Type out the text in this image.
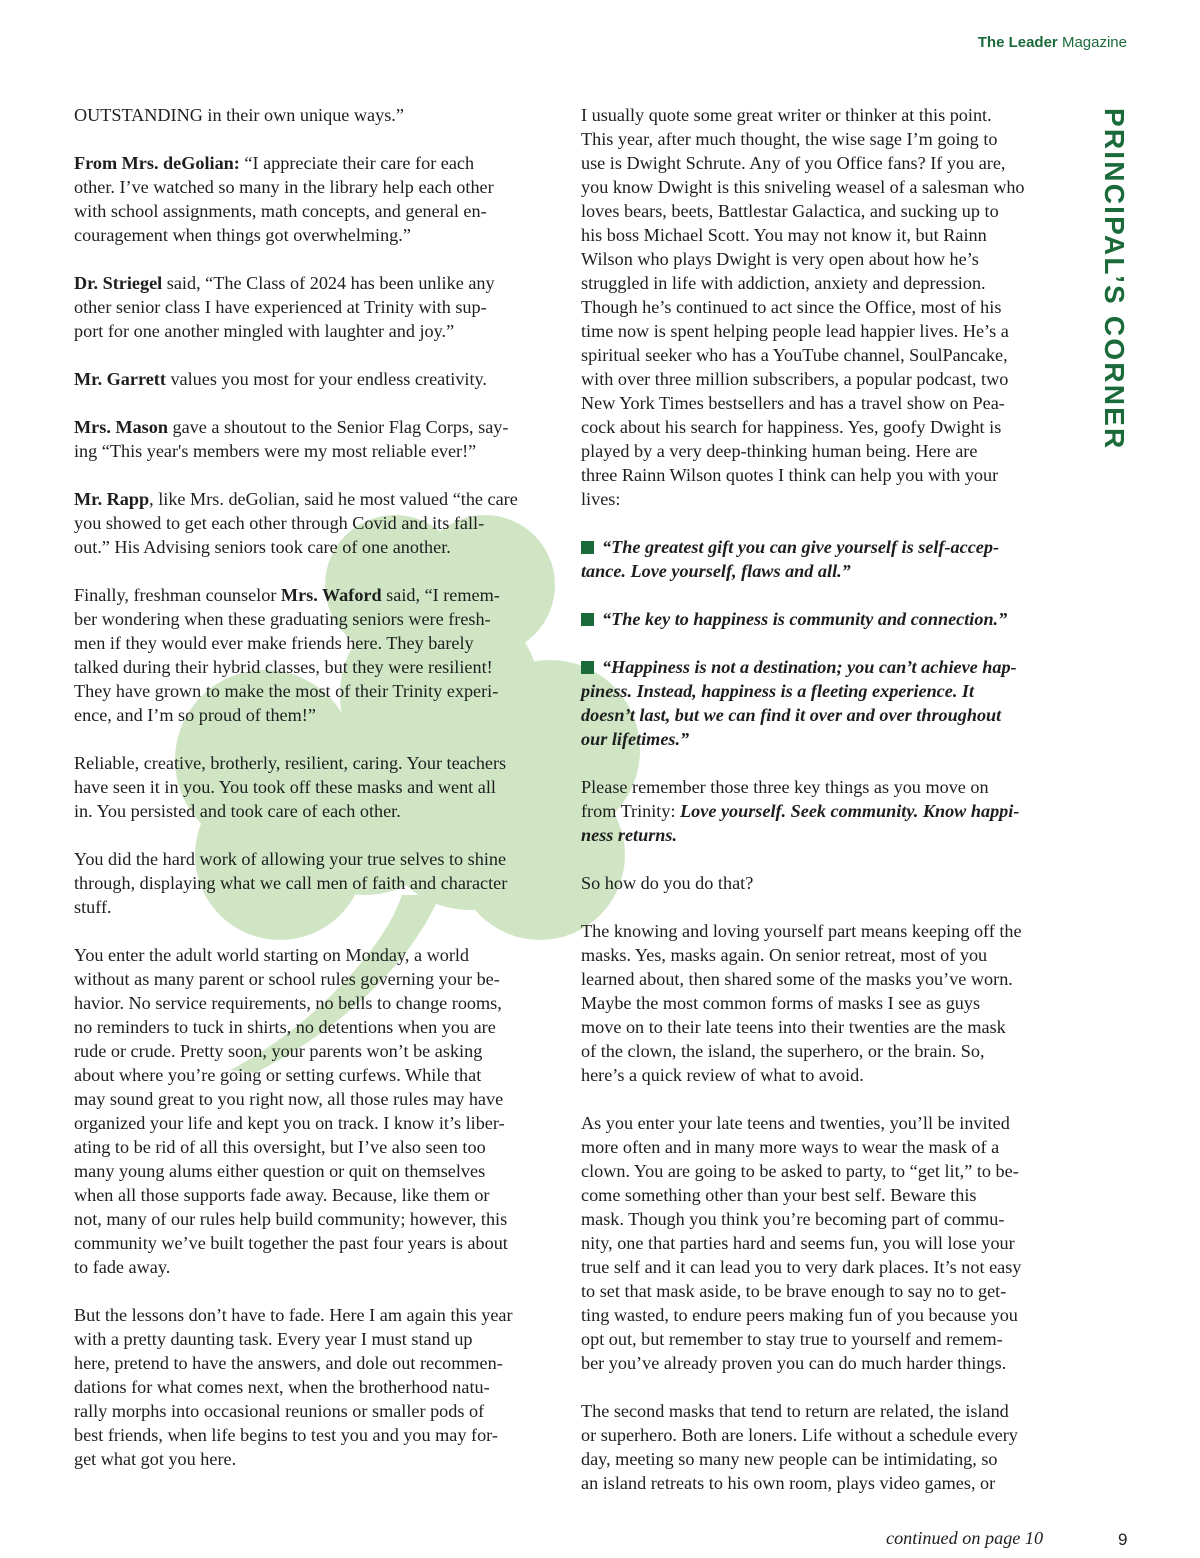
The Leader Magazine
PRINCIPAL’S CORNER

OUTSTANDING in their own unique ways.”

From Mrs. deGolian: “I appreciate their care for each
other. I’ve watched so many in the library help each other
with school assignments, math concepts, and general en-
couragement when things got overwhelming.”

Dr. Striegel said, “The Class of 2024 has been unlike any
other senior class I have experienced at Trinity with sup-
port for one another mingled with laughter and joy.”

Mr. Garrett values you most for your endless creativity.

Mrs. Mason gave a shoutout to the Senior Flag Corps, say-
ing “This year's members were my most reliable ever!”

Mr. Rapp, like Mrs. deGolian, said he most valued “the care
you showed to get each other through Covid and its fall-
out.” His Advising seniors took care of one another.

Finally, freshman counselor Mrs. Waford said, “I remem-
ber wondering when these graduating seniors were fresh-
men if they would ever make friends here. They barely
talked during their hybrid classes, but they were resilient!
They have grown to make the most of their Trinity experi-
ence, and I’m so proud of them!”

Reliable, creative, brotherly, resilient, caring. Your teachers
have seen it in you. You took off these masks and went all
in. You persisted and took care of each other.

You did the hard work of allowing your true selves to shine
through, displaying what we call men of faith and character
stuff.

You enter the adult world starting on Monday, a world
without as many parent or school rules governing your be-
havior. No service requirements, no bells to change rooms,
no reminders to tuck in shirts, no detentions when you are
rude or crude. Pretty soon, your parents won’t be asking
about where you’re going or setting curfews. While that
may sound great to you right now, all those rules may have
organized your life and kept you on track. I know it’s liber-
ating to be rid of all this oversight, but I’ve also seen too
many young alums either question or quit on themselves
when all those supports fade away. Because, like them or
not, many of our rules help build community; however, this
community we’ve built together the past four years is about
to fade away.

But the lessons don’t have to fade. Here I am again this year
with a pretty daunting task. Every year I must stand up
here, pretend to have the answers, and dole out recommen-
dations for what comes next, when the brotherhood natu-
rally morphs into occasional reunions or smaller pods of
best friends, when life begins to test you and you may for-
get what got you here.

I usually quote some great writer or thinker at this point.
This year, after much thought, the wise sage I’m going to
use is Dwight Schrute. Any of you Office fans? If you are,
you know Dwight is this sniveling weasel of a salesman who
loves bears, beets, Battlestar Galactica, and sucking up to
his boss Michael Scott. You may not know it, but Rainn
Wilson who plays Dwight is very open about how he’s
struggled in life with addiction, anxiety and depression.
Though he’s continued to act since the Office, most of his
time now is spent helping people lead happier lives. He’s a
spiritual seeker who has a YouTube channel, SoulPancake,
with over three million subscribers, a popular podcast, two
New York Times bestsellers and has a travel show on Pea-
cock about his search for happiness. Yes, goofy Dwight is
played by a very deep-thinking human being. Here are
three Rainn Wilson quotes I think can help you with your
lives:

“The greatest gift you can give yourself is self-accep-
tance. Love yourself, flaws and all.”

“The key to happiness is community and connection.”

“Happiness is not a destination; you can’t achieve hap-
piness. Instead, happiness is a fleeting experience. It
doesn’t last, but we can find it over and over throughout
our lifetimes.”

Please remember those three key things as you move on
from Trinity: Love yourself. Seek community. Know happi-
ness returns.

So how do you do that?

The knowing and loving yourself part means keeping off the
masks. Yes, masks again. On senior retreat, most of you
learned about, then shared some of the masks you’ve worn.
Maybe the most common forms of masks I see as guys
move on to their late teens into their twenties are the mask
of the clown, the island, the superhero, or the brain. So,
here’s a quick review of what to avoid.

As you enter your late teens and twenties, you’ll be invited
more often and in many more ways to wear the mask of a
clown. You are going to be asked to party, to “get lit,” to be-
come something other than your best self. Beware this
mask. Though you think you’re becoming part of commu-
nity, one that parties hard and seems fun, you will lose your
true self and it can lead you to very dark places. It’s not easy
to set that mask aside, to be brave enough to say no to get-
ting wasted, to endure peers making fun of you because you
opt out, but remember to stay true to yourself and remem-
ber you’ve already proven you can do much harder things.

The second masks that tend to return are related, the island
or superhero. Both are loners. Life without a schedule every
day, meeting so many new people can be intimidating, so
an island retreats to his own room, plays video games, or

continued on page 10	9
